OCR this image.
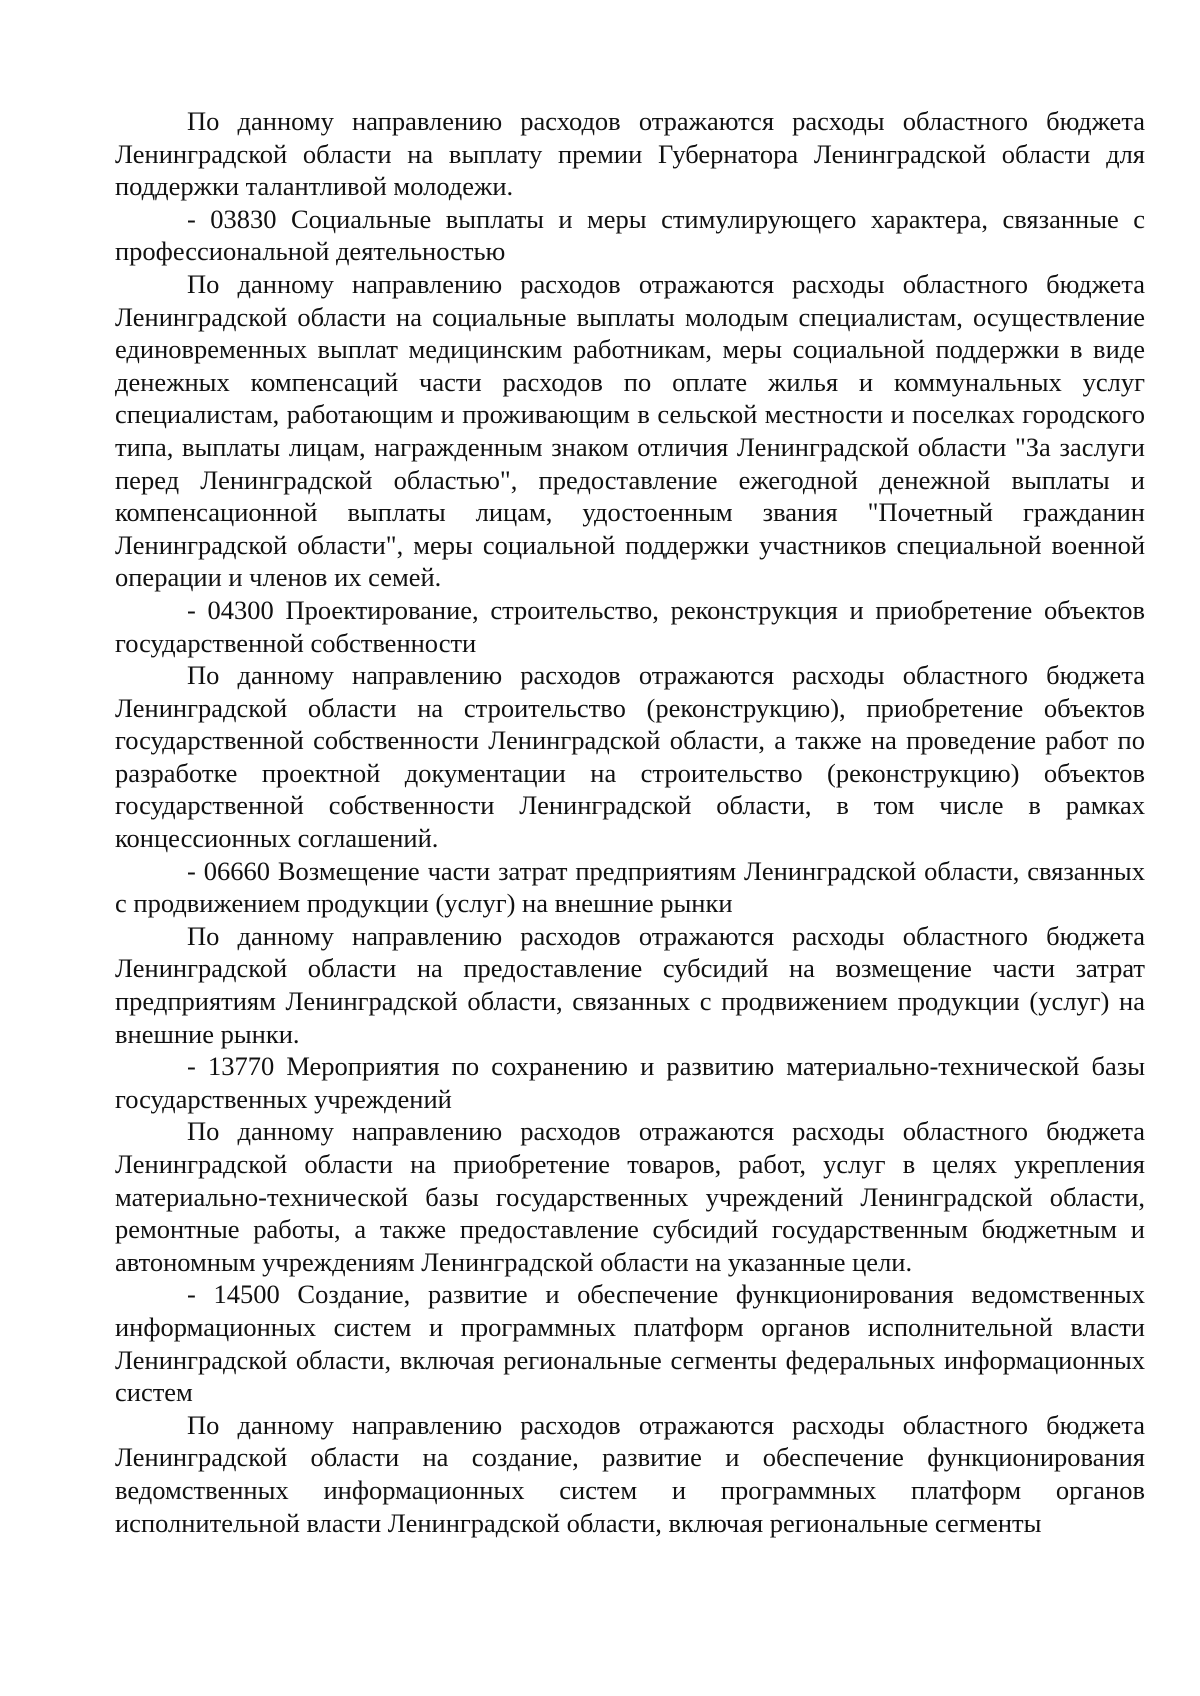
По данному направлению расходов отражаются расходы областного бюджета Ленинградской области на выплату премии Губернатора Ленинградской области для поддержки талантливой молодежи.

- 03830 Социальные выплаты и меры стимулирующего характера, связанные с профессиональной деятельностью

По данному направлению расходов отражаются расходы областного бюджета Ленинградской области на социальные выплаты молодым специалистам, осуществление единовременных выплат медицинским работникам, меры социальной поддержки в виде денежных компенсаций части расходов по оплате жилья и коммунальных услуг специалистам, работающим и проживающим в сельской местности и поселках городского типа, выплаты лицам, награжденным знаком отличия Ленинградской области "За заслуги перед Ленинградской областью", предоставление ежегодной денежной выплаты и компенсационной выплаты лицам, удостоенным звания "Почетный гражданин Ленинградской области", меры социальной поддержки участников специальной военной операции и членов их семей.

- 04300 Проектирование, строительство, реконструкция и приобретение объектов государственной собственности

По данному направлению расходов отражаются расходы областного бюджета Ленинградской области на строительство (реконструкцию), приобретение объектов государственной собственности Ленинградской области, а также на проведение работ по разработке проектной документации на строительство (реконструкцию) объектов государственной собственности Ленинградской области, в том числе в рамках концессионных соглашений.

- 06660 Возмещение части затрат предприятиям Ленинградской области, связанных с продвижением продукции (услуг) на внешние рынки

По данному направлению расходов отражаются расходы областного бюджета Ленинградской области на предоставление субсидий на возмещение части затрат предприятиям Ленинградской области, связанных с продвижением продукции (услуг) на внешние рынки.

- 13770 Мероприятия по сохранению и развитию материально-технической базы государственных учреждений

По данному направлению расходов отражаются расходы областного бюджета Ленинградской области на приобретение товаров, работ, услуг в целях укрепления материально-технической базы государственных учреждений Ленинградской области, ремонтные работы, а также предоставление субсидий государственным бюджетным и автономным учреждениям Ленинградской области на указанные цели.

- 14500 Создание, развитие и обеспечение функционирования ведомственных информационных систем и программных платформ органов исполнительной власти Ленинградской области, включая региональные сегменты федеральных информационных систем

По данному направлению расходов отражаются расходы областного бюджета Ленинградской области на создание, развитие и обеспечение функционирования ведомственных информационных систем и программных платформ органов исполнительной власти Ленинградской области, включая региональные сегменты
